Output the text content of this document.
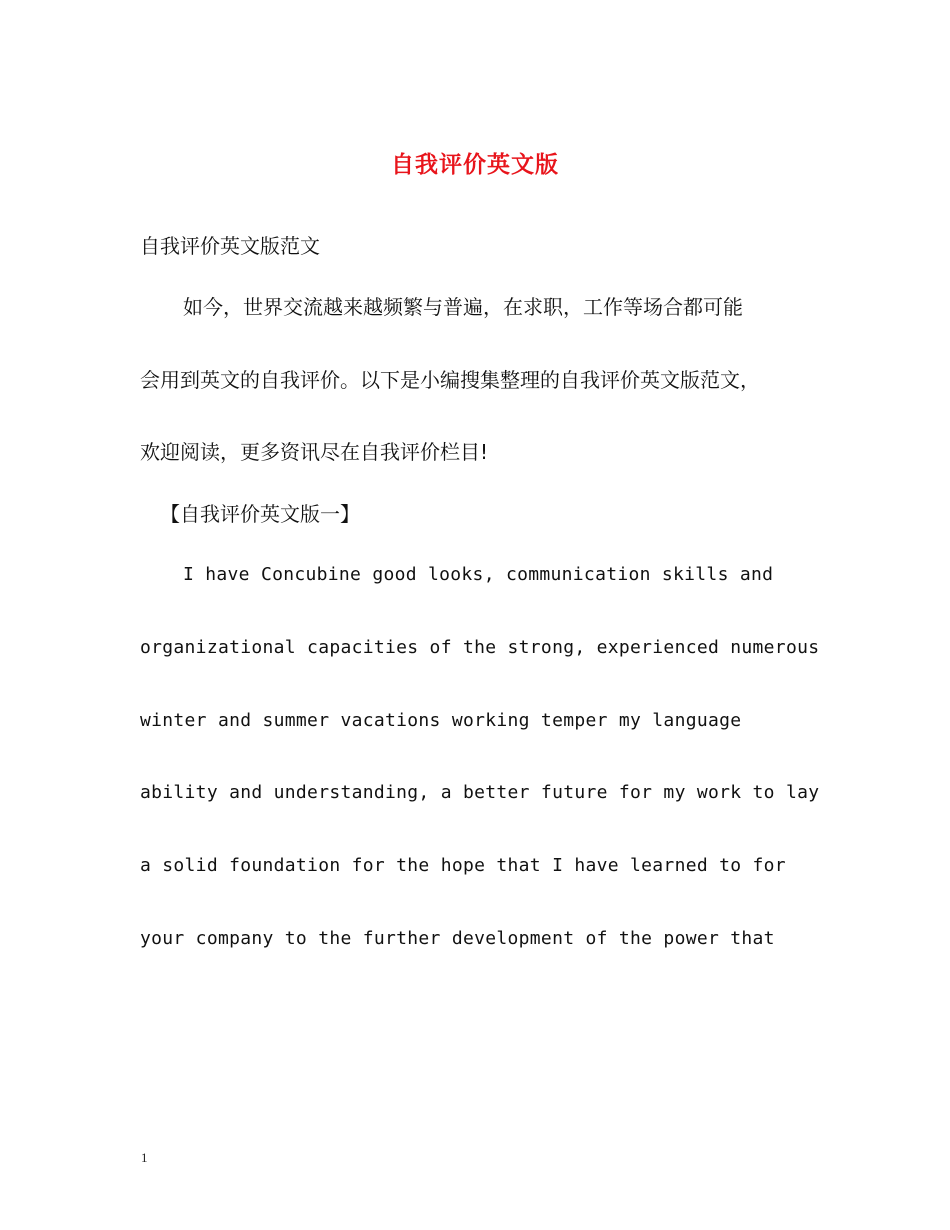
自我评价英文版
自我评价英文版范文
如今，世界交流越来越频繁与普遍，在求职，工作等场合都可能
会用到英文的自我评价。以下是小编搜集整理的自我评价英文版范文，
欢迎阅读，更多资讯尽在自我评价栏目!
【自我评价英文版一】
I have Concubine good looks, communication skills and
organizational capacities of the strong, experienced numerous
winter and summer vacations working temper my language
ability and understanding, a better future for my work to lay
a solid foundation for the hope that I have learned to for
your company to the further development of the power that
1
